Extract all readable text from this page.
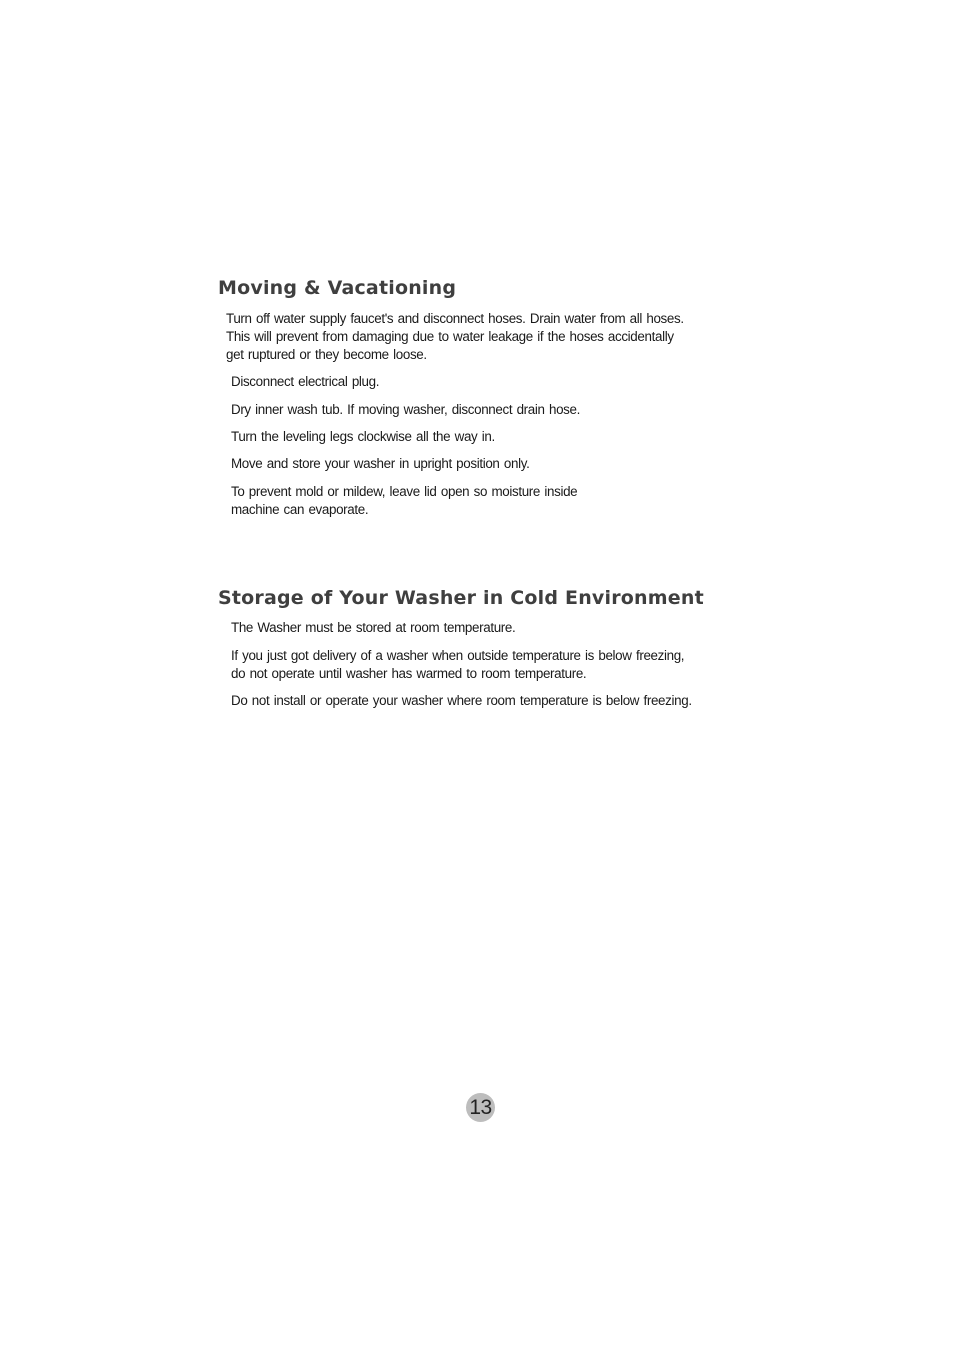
Moving & Vacationing

Turn off water supply faucet's and disconnect hoses. Drain water from all hoses.
This will prevent from damaging due to water leakage if the hoses accidentally
get ruptured or they become loose.

Disconnect electrical plug.

Dry inner wash tub. If moving washer, disconnect drain hose.

Turn the leveling legs clockwise all the way in.

Move and store your washer in upright position only.

To prevent mold or mildew, leave lid open so moisture inside
machine can evaporate.

Storage of Your Washer in Cold Environment

The Washer must be stored at room temperature.

If you just got delivery of a washer when outside temperature is below freezing,
do not operate until washer has warmed to room temperature.

Do not install or operate your washer where room temperature is below freezing.

13
